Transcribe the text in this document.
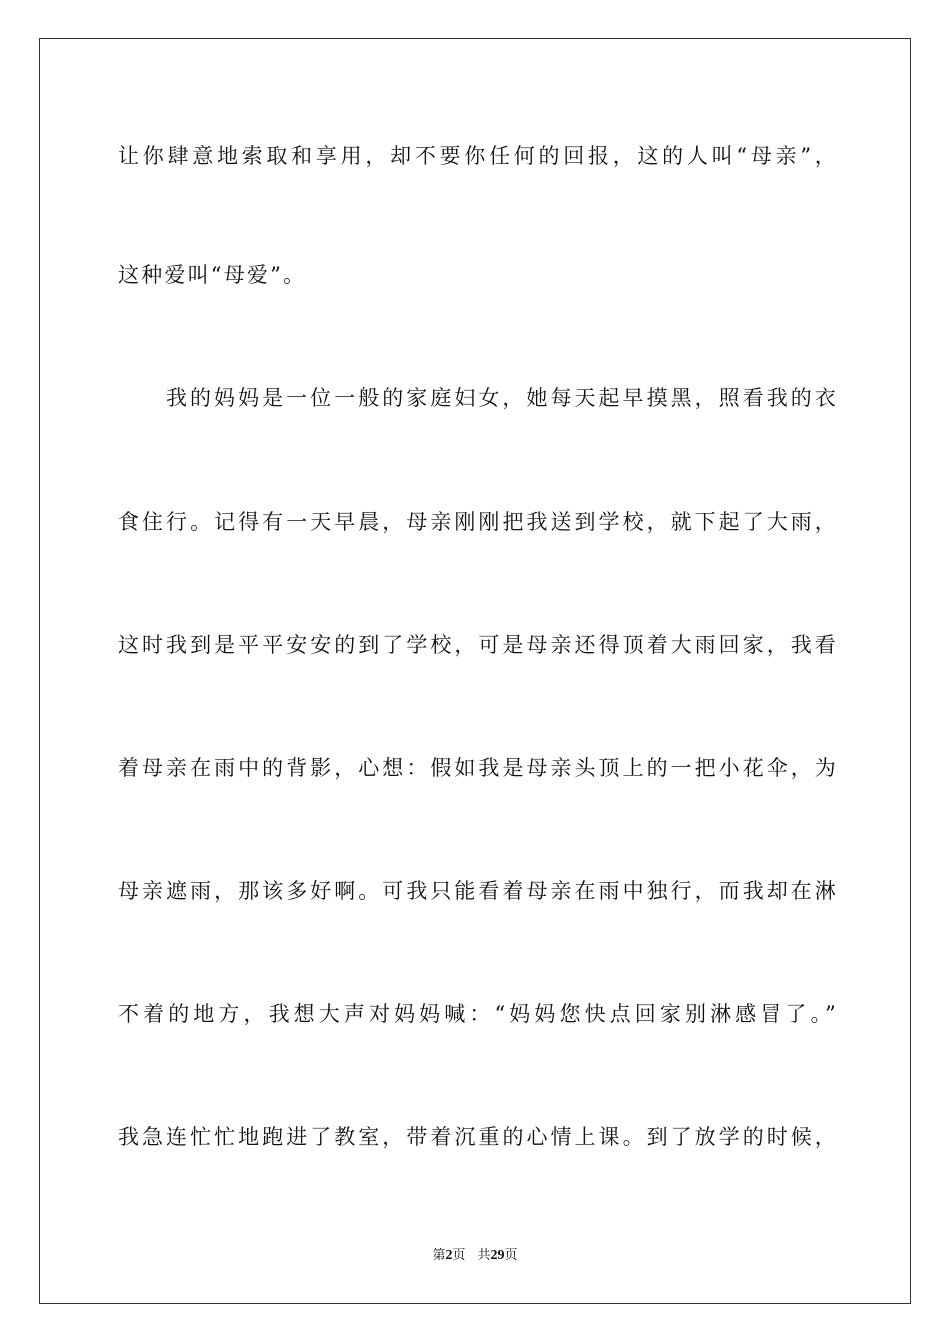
让你肆意地索取和享用，却不要你任何的回报，这的人叫“母亲”，

这种爱叫“母爱”。

我的妈妈是一位一般的家庭妇女，她每天起早摸黑，照看我的衣

食住行。记得有一天早晨，母亲刚刚把我送到学校，就下起了大雨，

这时我到是平平安安的到了学校，可是母亲还得顶着大雨回家，我看

着母亲在雨中的背影，心想：假如我是母亲头顶上的一把小花伞，为

母亲遮雨，那该多好啊。可我只能看着母亲在雨中独行，而我却在淋

不着的地方，我想大声对妈妈喊：“妈妈您快点回家别淋感冒了。”

我急连忙忙地跑进了教室，带着沉重的心情上课。到了放学的时候，

第2页 共29页
